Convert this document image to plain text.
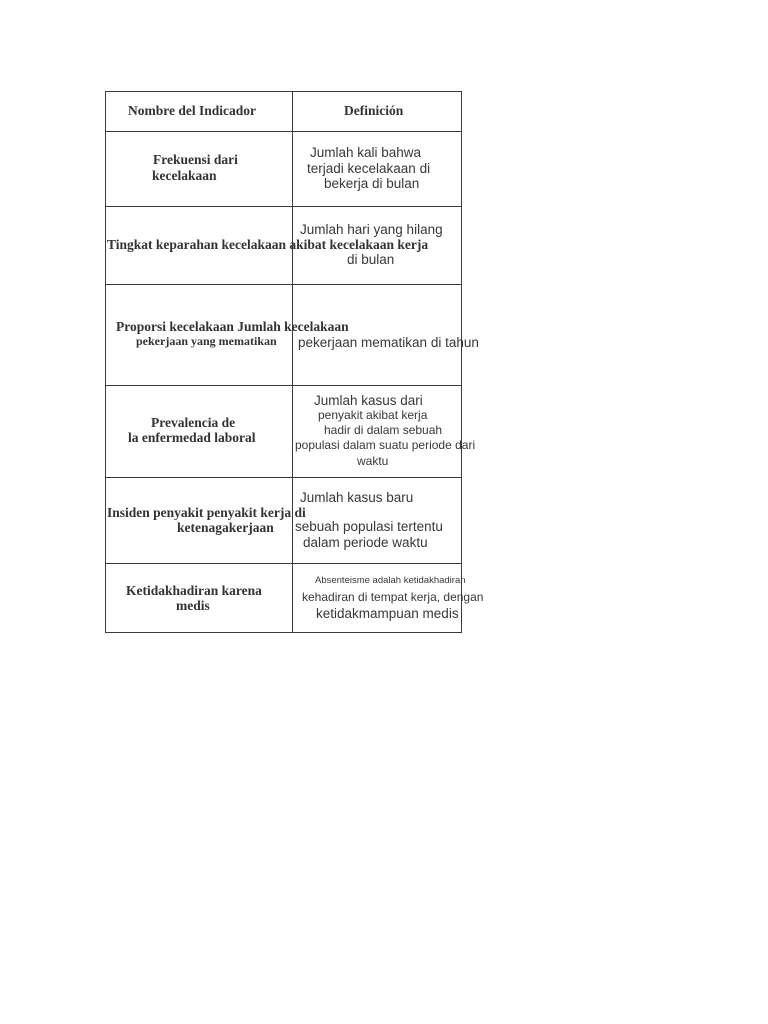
Nombre del Indicador	Definición
Frekuensi dari
kecelakaan
Jumlah kali bahwa
terjadi kecelakaan di
bekerja di bulan
Tingkat keparahan kecelakaan akibat kecelakaan kerja
Jumlah hari yang hilang
di bulan
Proporsi kecelakaan Jumlah kecelakaan
pekerjaan yang mematikan pekerjaan mematikan di tahun
Prevalencia de
la enfermedad laboral
Jumlah kasus dari
penyakit akibat kerja
hadir di dalam sebuah
populasi dalam suatu periode dari
waktu
Insiden penyakit penyakit kerja di
ketenagakerjaan
Jumlah kasus baru
sebuah populasi tertentu
dalam periode waktu
Ketidakhadiran karena
medis
Absenteisme adalah ketidakhadiran
kehadiran di tempat kerja, dengan
ketidakmampuan medis
